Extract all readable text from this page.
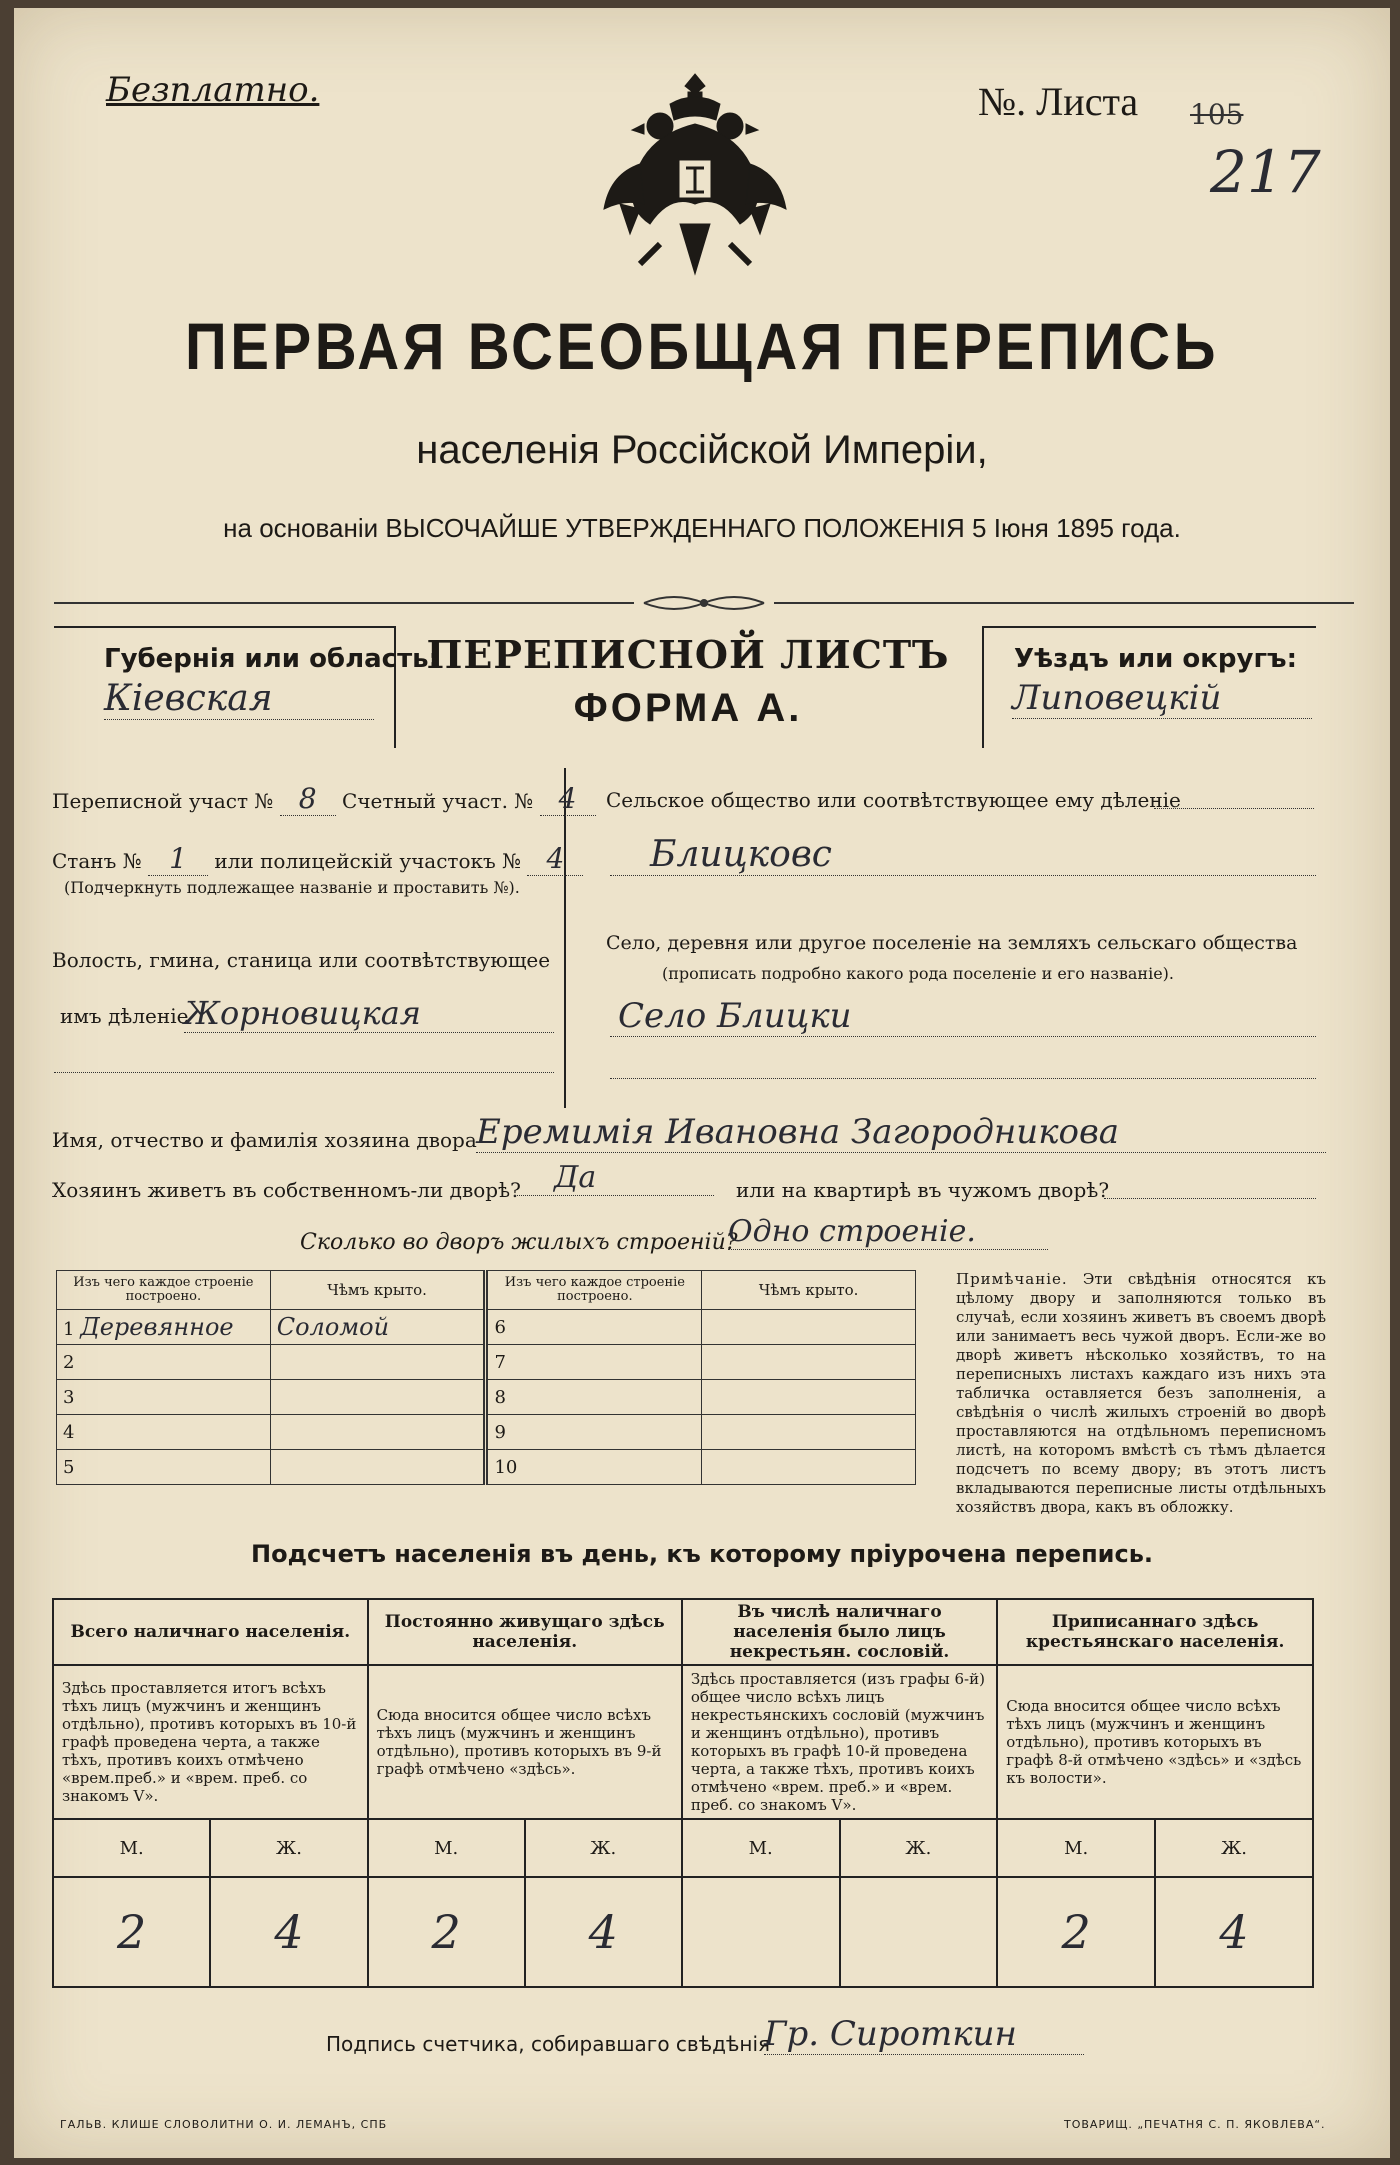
Безплатно.	№. Листа 105
217
ПЕРВАЯ ВСЕОБЩАЯ ПЕРЕПИСЬ
населенія Россійской Имперіи,
на основаніи ВЫСОЧАЙШЕ УТВЕРЖДЕННАГО ПОЛОЖЕНІЯ 5 Іюня 1895 года.
Губернія или область:
Кіевская
ПЕРЕПИСНОЙ ЛИСТЪ
ФОРМА А.
Уѣздъ или округъ:
Липовецкій
Переписной участ № 8 Счетный участ. № 4
Станъ № 1 или полицейскій участокъ № 4
(Подчеркнуть подлежащее названіе и проставить №).
Волость, гмина, станица или соотвѣтствующее
имъ дѣленіе
Жорновицкая
Сельское общество или соотвѣтствующее ему дѣленіе
Блицковс
Село, деревня или другое поселеніе на земляхъ сельскаго общества
(прописать подробно какого рода поселеніе и его названіе).
Село Блицки
Имя, отчество и фамилія хозяина двора Еремимія Ивановна Загородникова
Хозяинъ живетъ въ собственномъ-ли дворѣ?	Да	или на квартирѣ въ чужомъ дворѣ?
Сколько во дворъ жилыхъ строеній?
Одно строеніе.
Изъ чего каждое строеніе построено.	Чѣмъ крыто.	Изъ чего каждое строеніе построено.	Чѣмъ крыто.
1 Деревянное	Соломой	6	
2		7	
3		8	
4		9	
5		10	
Примѣчаніе. Эти свѣдѣнія относятся къ цѣлому двору и заполняются только въ случаѣ, если хозяинъ живетъ въ своемъ дворѣ или занимаетъ весь чужой дворъ. Если-же во дворѣ живетъ нѣсколько хозяйствъ, то на переписныхъ листахъ каждаго изъ нихъ эта табличка оставляется безъ заполненія, а свѣдѣнія о числѣ жилыхъ строеній во дворѣ проставляются на отдѣльномъ переписномъ листѣ, на которомъ вмѣстѣ съ тѣмъ дѣлается подсчетъ по всему двору; въ этотъ листъ вкладываются переписные листы отдѣльныхъ хозяйствъ двора, какъ въ обложку.
Подсчетъ населенія въ день, къ которому пріурочена перепись.
Всего наличнаго населенія.		Постоянно живущаго здѣсь населенія.		Въ числѣ наличнаго населенія было лицъ некрестьян. сословій.		Приписаннаго здѣсь крестьянскаго населенія.	
Здѣсь проставляется итогъ всѣхъ тѣхъ лицъ (мужчинъ и женщинъ отдѣльно), противъ которыхъ въ 10-й графѣ проведена черта, а также тѣхъ, противъ коихъ отмѣчено «врем.преб.» и «врем. преб. со знакомъ V».		Сюда вносится общее число всѣхъ тѣхъ лицъ (мужчинъ и женщинъ отдѣльно), противъ которыхъ въ 9-й графѣ отмѣчено «здѣсь».		Здѣсь проставляется (изъ графы 6-й) общее число всѣхъ лицъ некрестьянскихъ сословій (мужчинъ и женщинъ отдѣльно), противъ которыхъ въ графѣ 10-й проведена черта, а также тѣхъ, противъ коихъ отмѣчено «врем. преб.» и «врем. преб. со знакомъ V».		Сюда вносится общее число всѣхъ тѣхъ лицъ (мужчинъ и женщинъ отдѣльно), противъ которыхъ въ графѣ 8-й отмѣчено «здѣсь» и «здѣсь къ волости».	
М.	Ж.	М.	Ж.	М.	Ж.	М.	Ж.
2	4	2	4			2	4
Подпись счетчика, собиравшаго свѣдѣнія
Гр. Сироткин
ГАЛЬВ. КЛИШЕ СЛОВОЛИТНИ О. И. ЛЕМАНЪ, СПБ	ТОВАРИЩ. „ПЕЧАТНЯ С. П. ЯКОВЛЕВА“.
